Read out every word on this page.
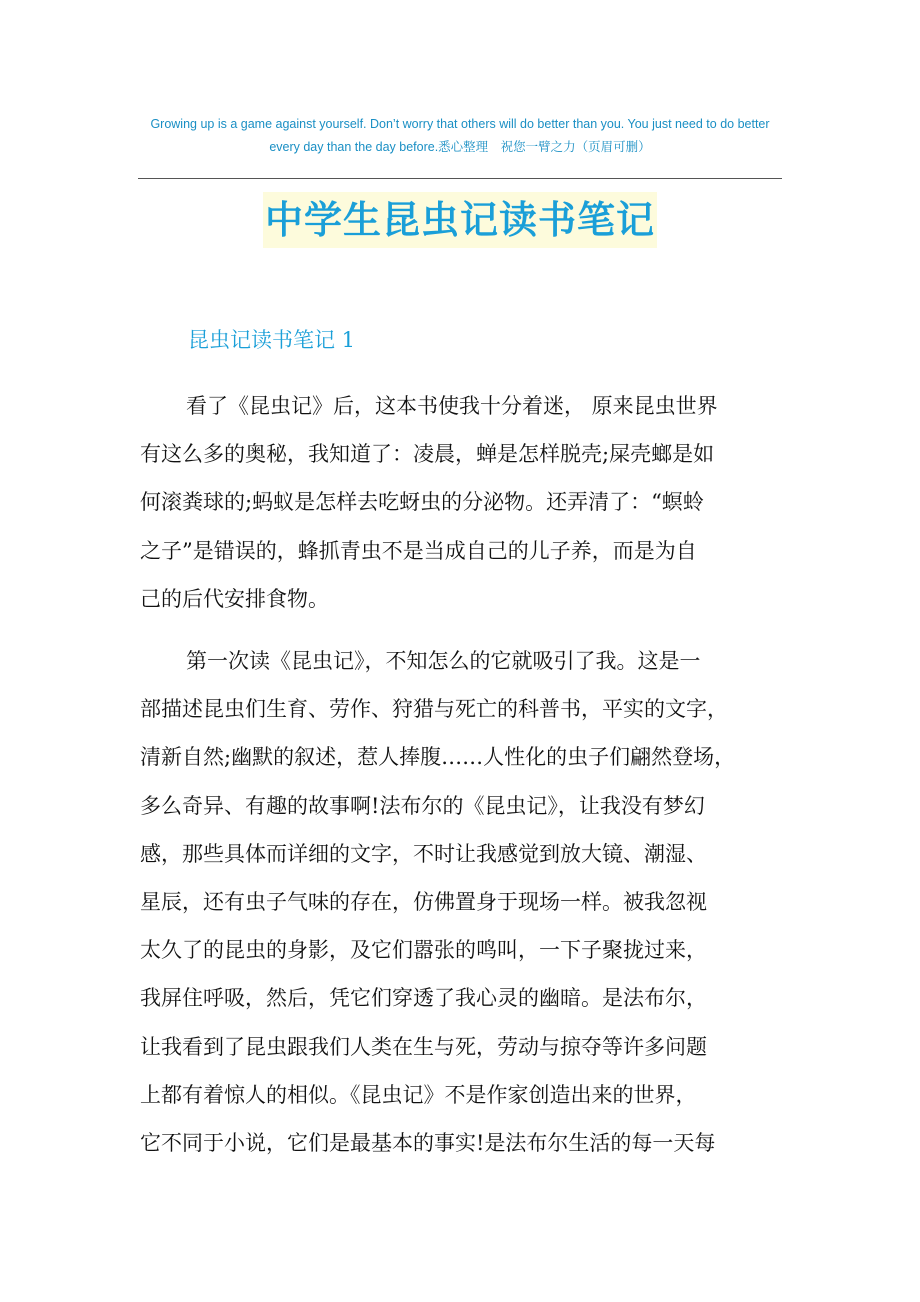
Growing up is a game against yourself. Don’t worry that others will do better than you. You just need to do better
every day than the day before.悉心整理　祝您一臂之力（页眉可删）
中学生昆虫记读书笔记
昆虫记读书笔记 1
看了《昆虫记》后，这本书使我十分着迷， 原来昆虫世界
有这么多的奥秘，我知道了：凌晨，蝉是怎样脱壳;屎壳螂是如
何滚粪球的;蚂蚁是怎样去吃蚜虫的分泌物。还弄清了：“螟蛉
之子”是错误的，蜂抓青虫不是当成自己的儿子养，而是为自
己的后代安排食物。
第一次读《昆虫记》，不知怎么的它就吸引了我。这是一
部描述昆虫们生育、劳作、狩猎与死亡的科普书，平实的文字，
清新自然;幽默的叙述，惹人捧腹……人性化的虫子们翩然登场，
多么奇异、有趣的故事啊!法布尔的《昆虫记》，让我没有梦幻
感，那些具体而详细的文字，不时让我感觉到放大镜、潮湿、
星辰，还有虫子气味的存在，仿佛置身于现场一样。被我忽视
太久了的昆虫的身影，及它们嚣张的鸣叫，一下子聚拢过来，
我屏住呼吸，然后，凭它们穿透了我心灵的幽暗。是法布尔，
让我看到了昆虫跟我们人类在生与死，劳动与掠夺等许多问题
上都有着惊人的相似。《昆虫记》不是作家创造出来的世界，
它不同于小说，它们是最基本的事实!是法布尔生活的每一天每
